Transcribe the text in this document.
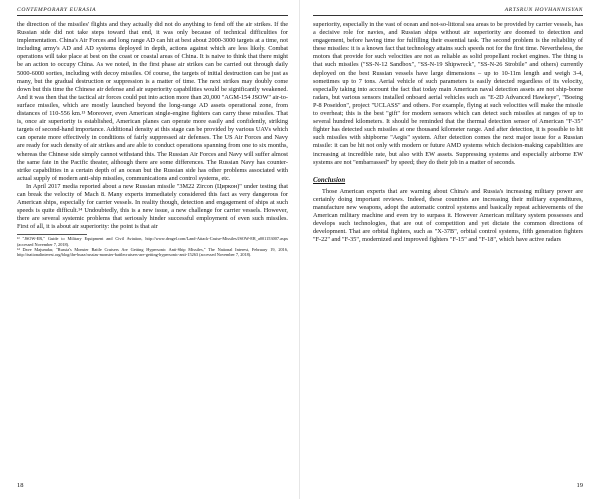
CONTEMPORARY EURASIA

the direction of the missiles' flights and they actually did not do anything to fend off the air strikes. If the Russian side did not take steps toward that end, it was only because of technical difficulties for implementation. China's Air Forces and long range AD can hit at best about 2000-3000 targets at a time, not including army's AD and AD systems deployed in depth, actions against which are less likely. Combat operations will take place at best on the coast or coastal areas of China. It is naive to think that there might be an action to occupy China. As we noted, in the first phase air strikes can be carried out through daily 5000-6000 sorties, including with decoy missiles. Of course, the targets of initial destruction can be just as many, but the gradual destruction or suppression is a matter of time. The next strikes may doubly come down but this time the Chinese air defense and air superiority capabilities would be significantly weakened. And it was then that the tactical air forces could put into action more than 20,000 "AGM-154 JSOW" air-to-surface missiles, which are mostly launched beyond the long-range AD assets operational zone, from distances of 110-556 km.¹³ Moreover, even American single-engine fighters can carry these missiles. That is, once air superiority is established, American planes can operate more easily and confidently, striking targets of second-hand importance. Additional density at this stage can be provided by various UAVs which can operate more effectively in conditions of fairly suppressed air defenses. The US Air Forces and Navy are ready for such density of air strikes and are able to conduct operations spanning from one to six months, whereas the Chinese side simply cannot withstand this. The Russian Air Forces and Navy will suffer almost the same fate in the Pacific theater, although there are some differences. The Russian Navy has counter-strike capabilities in a certain depth of an ocean but the Russian side has other problems associated with actual supply of modern anti-ship missiles, communications and control systems, etc.

In April 2017 media reported about a new Russian missile "3M22 Zircon (Циркон)" under testing that can break the velocity of Mach 8. Many experts immediately considered this fact as very dangerous for American ships, especially for carrier vessels. In reality though, detection and engagement of ships at such speeds is quite difficult.¹⁴ Undoubtedly, this is a new issue, a new challenge for carrier vessels. However, there are several systemic problems that seriously hinder successful employment of even such missiles. First of all, it is about air superiority: the point is that air

¹³ "JSOW-ER," Guide to Military Equipment and Civil Aviation, http://www.deagel.com/Land-Attack-Cruise-Missiles/JSOW-ER_a001153007.aspx (accessed November 7, 2018).
¹⁴ Dave Majumdar, "Russia's Monster Battle Cruisers Are Getting Hypersonic Anti-Ship Missiles," The National Interest, February 19, 2016, http://nationalinterest.org/blog/the-buzz/russias-monster-battlecruisers-are-getting-hypersonic-anti-15263 (accessed November 7, 2018).
18
ARTSRUN HOVHANNISYAN

superiority, especially in the vast of ocean and not-so-littoral sea areas to be provided by carrier vessels, has a decisive role for navies, and Russian ships without air superiority are doomed to detection and engagement, before having time for fulfilling their essential task. The second problem is the reliability of these missiles: it is a known fact that technology attains such speeds not for the first time. Nevertheless, the motors that provide for such velocities are not as reliable as solid propellant rocket engines. The thing is that such missiles ("SS-N-12 Sandbox", "SS-N-19 Shipwreck", "SS-N-26 Strobile" and others) currently deployed on the best Russian vessels have large dimensions – up to 10-11m length and weigh 3-4, sometimes up to 7 tons. Aerial vehicle of such parameters is easily detected regardless of its velocity, especially taking into account the fact that today main American naval detection assets are not ship-borne radars, but various sensors installed onboard aerial vehicles such as "E-2D Advanced Hawkeye", "Boeing P-8 Poseidon", project "UCLASS" and others. For example, flying at such velocities will make the missile to overheat; this is the best "gift" for modern sensors which can detect such missiles at ranges of up to several hundred kilometers. It should be reminded that the thermal detection sensor of American "F-35" fighter has detected such missiles at one thousand kilometer range. And after detection, it is possible to hit such missiles with shipborne "Aegis" system. After detection comes the next major issue for a Russian missile: it can be hit not only with modern or future AMD systems which decision-making capabilities are increasing at incredible rate, but also with EW assets. Suppressing systems and especially airborne EW systems are not "embarrassed" by speed; they do their job in a matter of seconds.

Conclusion

Those American experts that are warning about China's and Russia's increasing military power are certainly doing important reviews. Indeed, these countries are increasing their military expenditures, manufacture new weapons, adopt the automatic control systems and basically repeat achievements of the American military machine and even try to surpass it. However American military system possesses and develops such technologies, that are out of competition and yet dictate the common directions of development. That are orbital fighters, such as "X-37B", orbital control systems, fifth generation fighters "F-22" and "F-35", modernized and improved fighters "F-15" and "F-18", which have active radars

19
